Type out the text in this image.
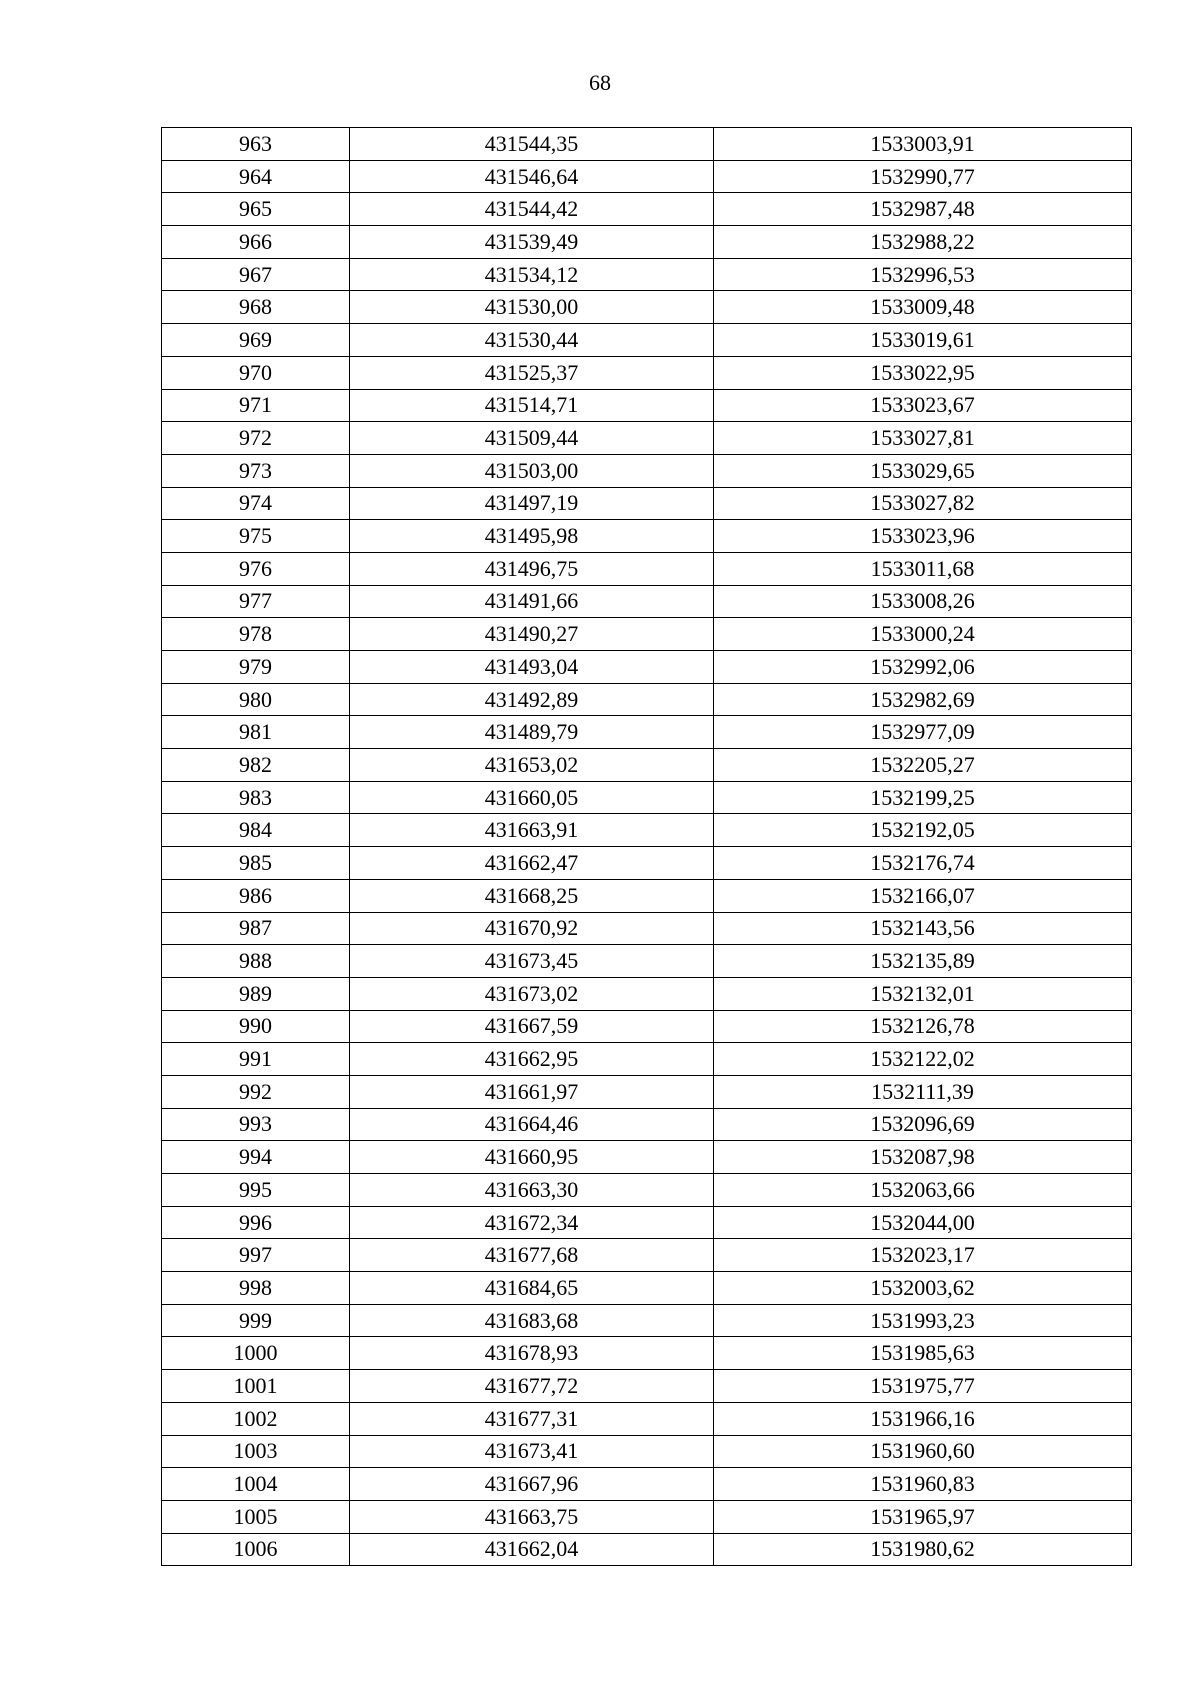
68
963	431544,35	1533003,91
964	431546,64	1532990,77
965	431544,42	1532987,48
966	431539,49	1532988,22
967	431534,12	1532996,53
968	431530,00	1533009,48
969	431530,44	1533019,61
970	431525,37	1533022,95
971	431514,71	1533023,67
972	431509,44	1533027,81
973	431503,00	1533029,65
974	431497,19	1533027,82
975	431495,98	1533023,96
976	431496,75	1533011,68
977	431491,66	1533008,26
978	431490,27	1533000,24
979	431493,04	1532992,06
980	431492,89	1532982,69
981	431489,79	1532977,09
982	431653,02	1532205,27
983	431660,05	1532199,25
984	431663,91	1532192,05
985	431662,47	1532176,74
986	431668,25	1532166,07
987	431670,92	1532143,56
988	431673,45	1532135,89
989	431673,02	1532132,01
990	431667,59	1532126,78
991	431662,95	1532122,02
992	431661,97	1532111,39
993	431664,46	1532096,69
994	431660,95	1532087,98
995	431663,30	1532063,66
996	431672,34	1532044,00
997	431677,68	1532023,17
998	431684,65	1532003,62
999	431683,68	1531993,23
1000	431678,93	1531985,63
1001	431677,72	1531975,77
1002	431677,31	1531966,16
1003	431673,41	1531960,60
1004	431667,96	1531960,83
1005	431663,75	1531965,97
1006	431662,04	1531980,62
